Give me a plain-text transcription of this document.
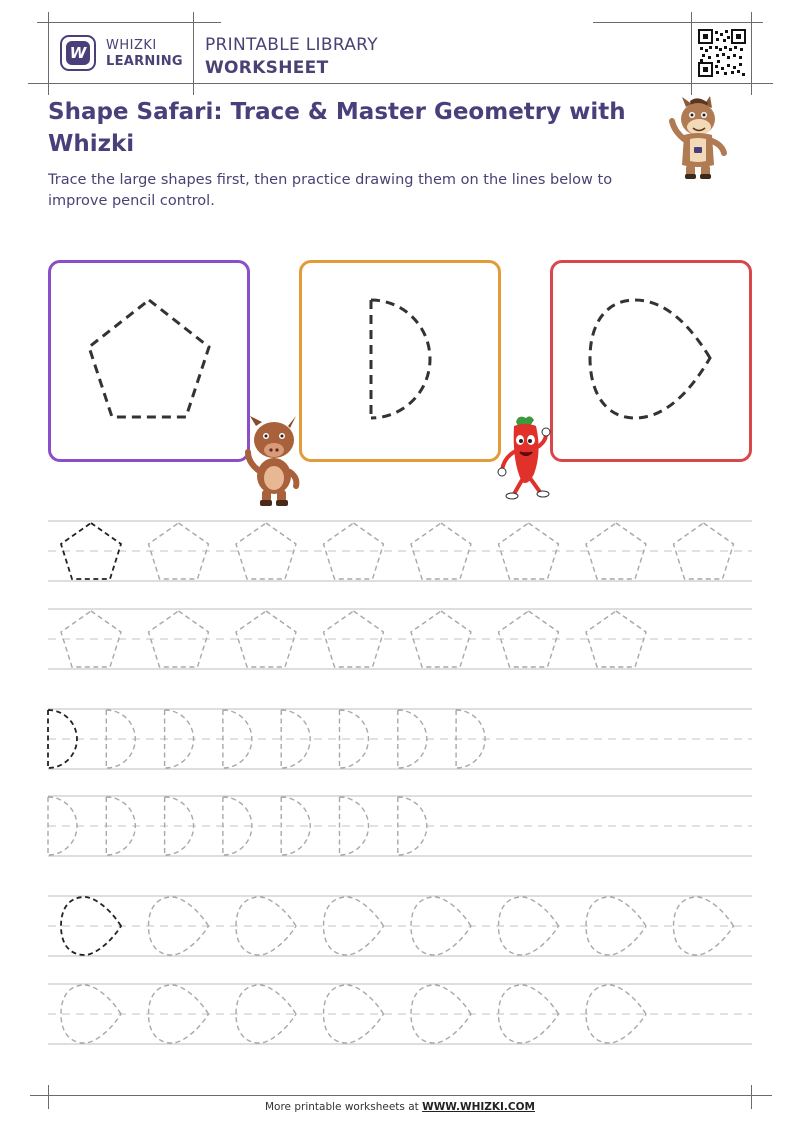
W WHIZKI
LEARNING
PRINTABLE LIBRARY
WORKSHEET
Shape Safari: Trace & Master Geometry with Whizki
Trace the large shapes first, then practice drawing them on the lines below to improve pencil control.
More printable worksheets at WWW.WHIZKI.COM
